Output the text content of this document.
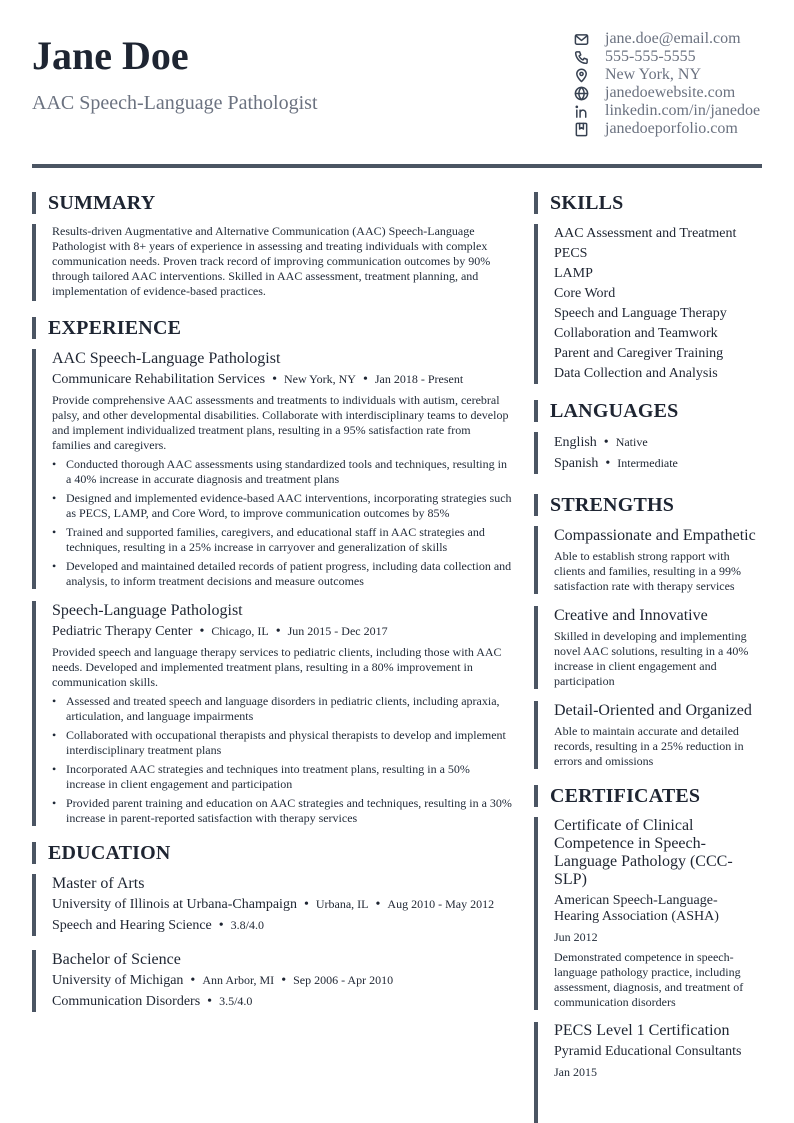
Jane Doe
AAC Speech-Language Pathologist
jane.doe@email.com
555-555-5555
New York, NY
janedoewebsite.com
linkedin.com/in/janedoe
janedoeporfolio.com
SUMMARY
Results-driven Augmentative and Alternative Communication (AAC) Speech-Language Pathologist with 8+ years of experience in assessing and treating individuals with complex communication needs. Proven track record of improving communication outcomes by 90% through tailored AAC interventions. Skilled in AAC assessment, treatment planning, and implementation of evidence-based practices.
EXPERIENCE
AAC Speech-Language Pathologist
Communicare Rehabilitation Services • New York, NY • Jan 2018 - Present
Provide comprehensive AAC assessments and treatments to individuals with autism, cerebral palsy, and other developmental disabilities. Collaborate with interdisciplinary teams to develop and implement individualized treatment plans, resulting in a 95% satisfaction rate from families and caregivers.
• Conducted thorough AAC assessments using standardized tools and techniques, resulting in a 40% increase in accurate diagnosis and treatment plans
• Designed and implemented evidence-based AAC interventions, incorporating strategies such as PECS, LAMP, and Core Word, to improve communication outcomes by 85%
• Trained and supported families, caregivers, and educational staff in AAC strategies and techniques, resulting in a 25% increase in carryover and generalization of skills
• Developed and maintained detailed records of patient progress, including data collection and analysis, to inform treatment decisions and measure outcomes
Speech-Language Pathologist
Pediatric Therapy Center • Chicago, IL • Jun 2015 - Dec 2017
Provided speech and language therapy services to pediatric clients, including those with AAC needs. Developed and implemented treatment plans, resulting in a 80% improvement in communication skills.
• Assessed and treated speech and language disorders in pediatric clients, including apraxia, articulation, and language impairments
• Collaborated with occupational therapists and physical therapists to develop and implement interdisciplinary treatment plans
• Incorporated AAC strategies and techniques into treatment plans, resulting in a 50% increase in client engagement and participation
• Provided parent training and education on AAC strategies and techniques, resulting in a 30% increase in parent-reported satisfaction with therapy services
EDUCATION
Master of Arts
University of Illinois at Urbana-Champaign • Urbana, IL • Aug 2010 - May 2012
Speech and Hearing Science • 3.8/4.0
Bachelor of Science
University of Michigan • Ann Arbor, MI • Sep 2006 - Apr 2010
Communication Disorders • 3.5/4.0
SKILLS
AAC Assessment and Treatment
PECS
LAMP
Core Word
Speech and Language Therapy
Collaboration and Teamwork
Parent and Caregiver Training
Data Collection and Analysis
LANGUAGES
English • Native
Spanish • Intermediate
STRENGTHS
Compassionate and Empathetic
Able to establish strong rapport with clients and families, resulting in a 99% satisfaction rate with therapy services
Creative and Innovative
Skilled in developing and implementing novel AAC solutions, resulting in a 40% increase in client engagement and participation
Detail-Oriented and Organized
Able to maintain accurate and detailed records, resulting in a 25% reduction in errors and omissions
CERTIFICATES
Certificate of Clinical Competence in Speech-Language Pathology (CCC-SLP)
American Speech-Language-Hearing Association (ASHA)
Jun 2012
Demonstrated competence in speech-language pathology practice, including assessment, diagnosis, and treatment of communication disorders
PECS Level 1 Certification
Pyramid Educational Consultants
Jan 2015
